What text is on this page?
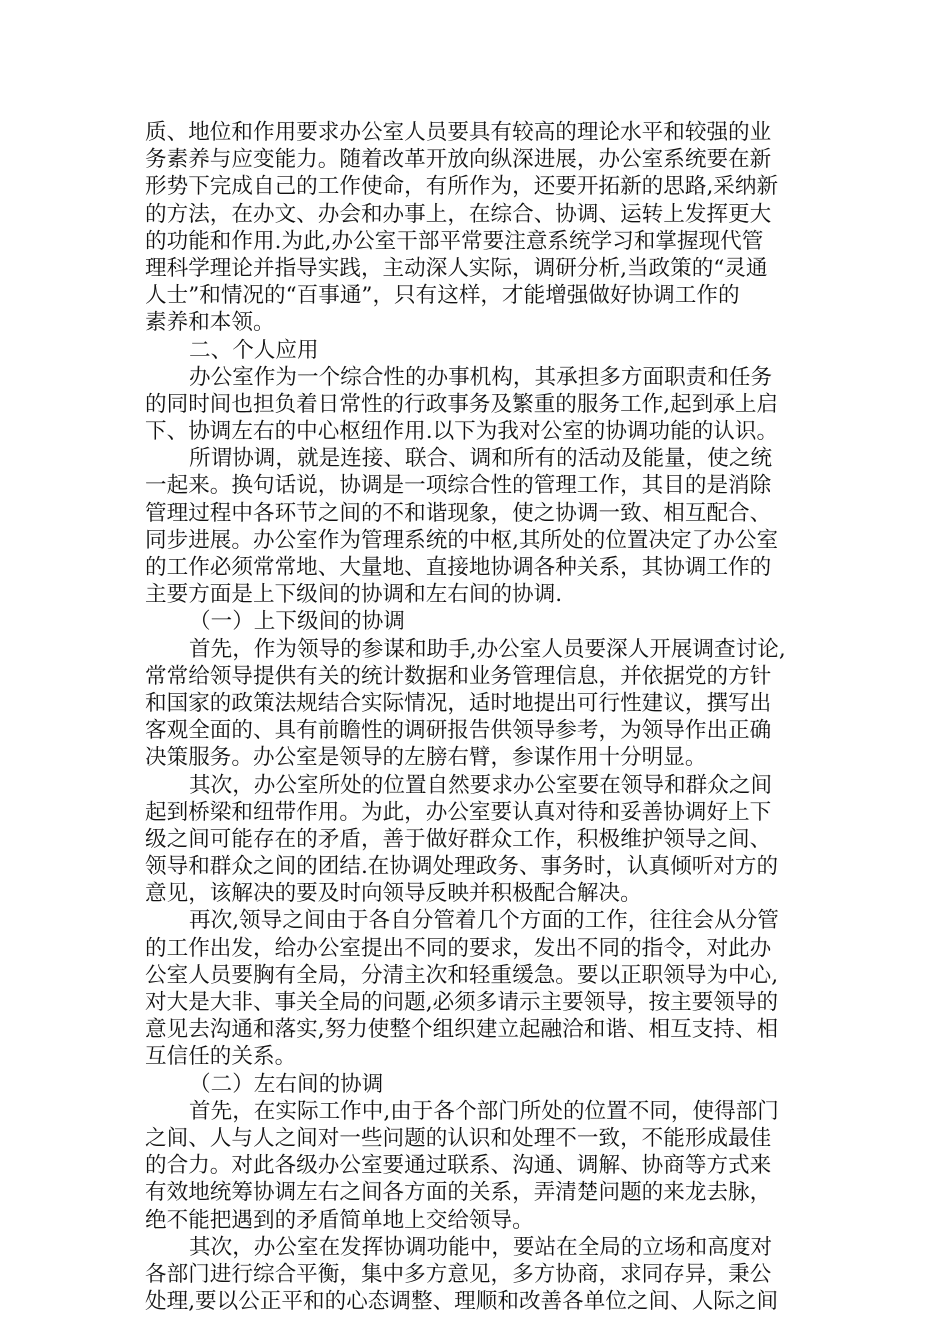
质、地位和作用要求办公室人员要具有较高的理论水平和较强的业
务素养与应变能力。随着改革开放向纵深进展，办公室系统要在新
形势下完成自己的工作使命，有所作为，还要开拓新的思路,采纳新
的方法，在办文、办会和办事上，在综合、协调、运转上发挥更大
的功能和作用.为此,办公室干部平常要注意系统学习和掌握现代管
理科学理论并指导实践，主动深人实际，调研分析,当政策的“灵通
人士”和情况的“百事通”，只有这样，才能增强做好协调工作的
素养和本领。
二、个人应用
办公室作为一个综合性的办事机构，其承担多方面职责和任务
的同时间也担负着日常性的行政事务及繁重的服务工作,起到承上启
下、协调左右的中心枢纽作用.以下为我对公室的协调功能的认识。
所谓协调，就是连接、联合、调和所有的活动及能量，使之统
一起来。换句话说，协调是一项综合性的管理工作，其目的是消除
管理过程中各环节之间的不和谐现象，使之协调一致、相互配合、
同步进展。办公室作为管理系统的中枢,其所处的位置决定了办公室
的工作必须常常地、大量地、直接地协调各种关系，其协调工作的
主要方面是上下级间的协调和左右间的协调.
（一）上下级间的协调
首先，作为领导的参谋和助手,办公室人员要深人开展调查讨论,
常常给领导提供有关的统计数据和业务管理信息，并依据党的方针
和国家的政策法规结合实际情况，适时地提出可行性建议，撰写出
客观全面的、具有前瞻性的调研报告供领导参考，为领导作出正确
决策服务。办公室是领导的左膀右臂，参谋作用十分明显。
其次，办公室所处的位置自然要求办公室要在领导和群众之间
起到桥梁和纽带作用。为此，办公室要认真对待和妥善协调好上下
级之间可能存在的矛盾，善于做好群众工作，积极维护领导之间、
领导和群众之间的团结.在协调处理政务、事务时，认真倾听对方的
意见，该解决的要及时向领导反映并积极配合解决。
再次,领导之间由于各自分管着几个方面的工作，往往会从分管
的工作出发，给办公室提出不同的要求，发出不同的指令，对此办
公室人员要胸有全局，分清主次和轻重缓急。要以正职领导为中心,
对大是大非、事关全局的问题,必须多请示主要领导，按主要领导的
意见去沟通和落实,努力使整个组织建立起融洽和谐、相互支持、相
互信任的关系。
（二）左右间的协调
首先，在实际工作中,由于各个部门所处的位置不同，使得部门
之间、人与人之间对一些问题的认识和处理不一致，不能形成最佳
的合力。对此各级办公室要通过联系、沟通、调解、协商等方式来
有效地统筹协调左右之间各方面的关系，弄清楚问题的来龙去脉，
绝不能把遇到的矛盾简单地上交给领导。
其次，办公室在发挥协调功能中，要站在全局的立场和高度对
各部门进行综合平衡，集中多方意见，多方协商，求同存异，秉公
处理,要以公正平和的心态调整、理顺和改善各单位之间、人际之间
